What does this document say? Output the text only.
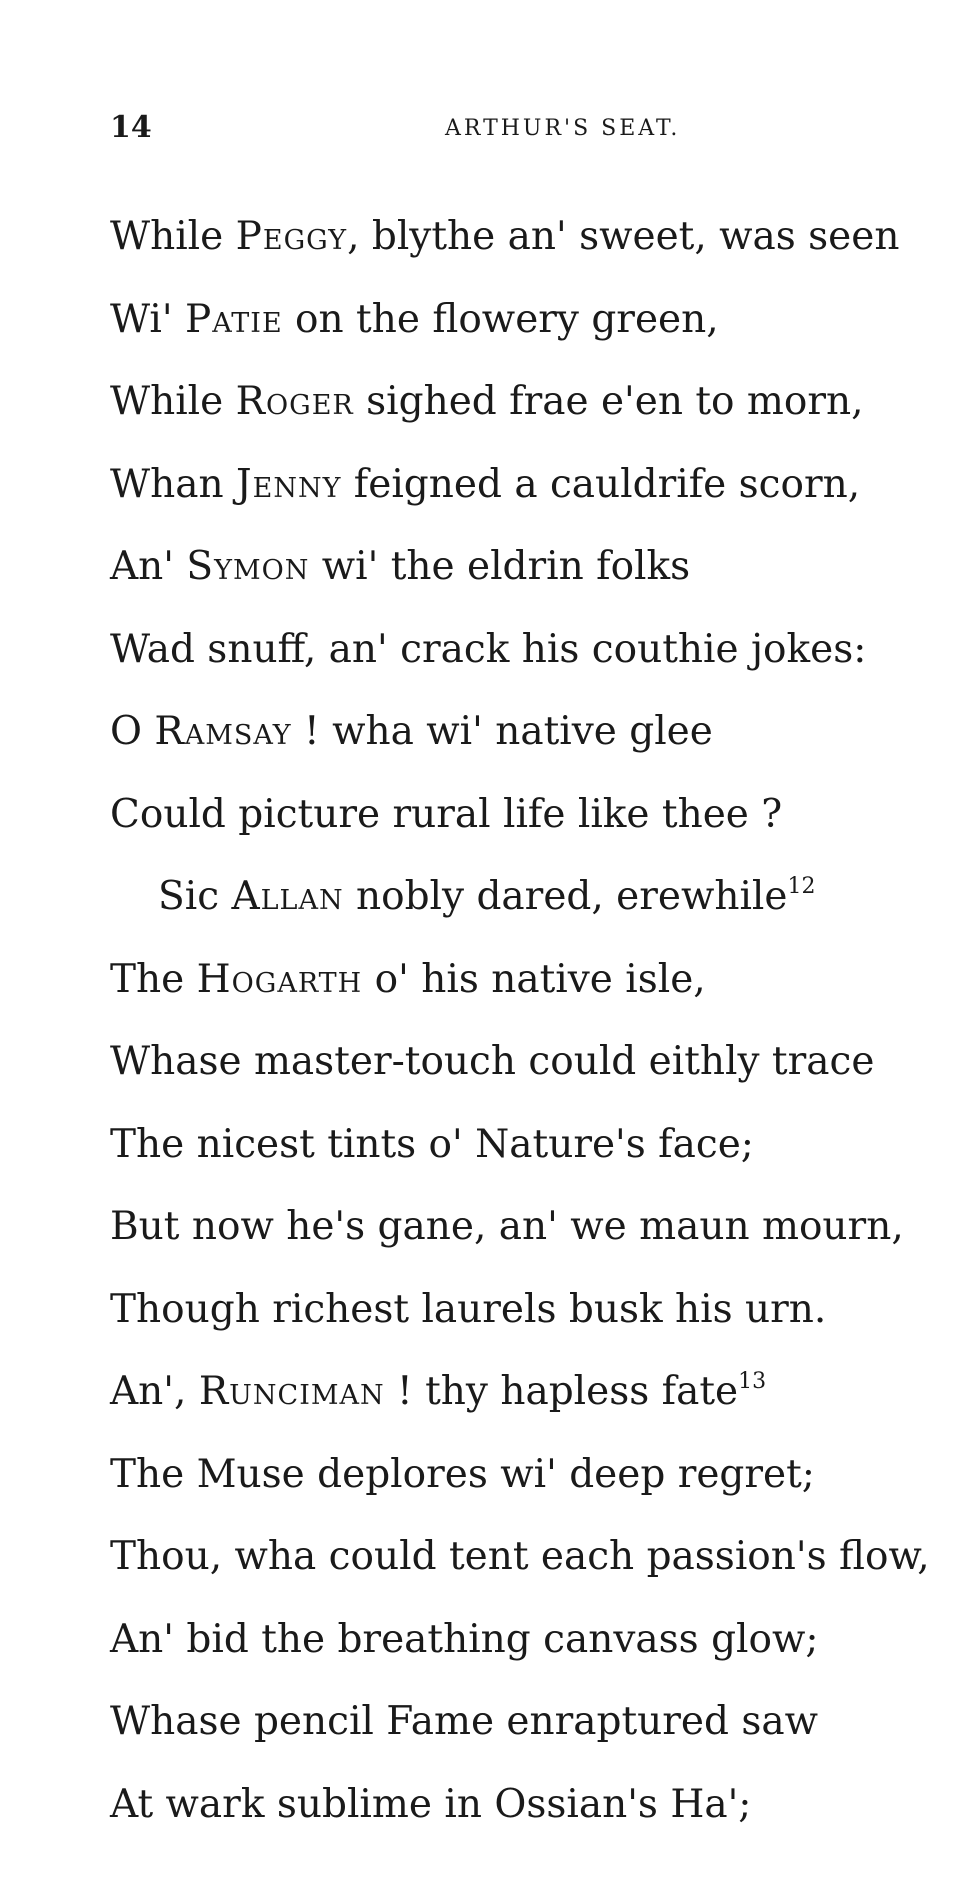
14	ARTHUR'S SEAT.
While Peggy, blythe an' sweet, was seen
Wi' Patie on the flowery green,
While Roger sighed frae e'en to morn,
Whan Jenny feigned a cauldrife scorn,
An' Symon wi' the eldrin folks
Wad snuff, an' crack his couthie jokes:
O Ramsay ! wha wi' native glee
Could picture rural life like thee ?
Sic Allan nobly dared, erewhile$^{12}$
The Hogarth o' his native isle,
Whase master-touch could eithly trace
The nicest tints o' Nature's face;
But now he's gane, an' we maun mourn,
Though richest laurels busk his urn.
An', Runciman ! thy hapless fate$^{13}$
The Muse deplores wi' deep regret;
Thou, wha could tent each passion's flow,
An' bid the breathing canvass glow;
Whase pencil Fame enraptured saw
At wark sublime in Ossian's Ha';
